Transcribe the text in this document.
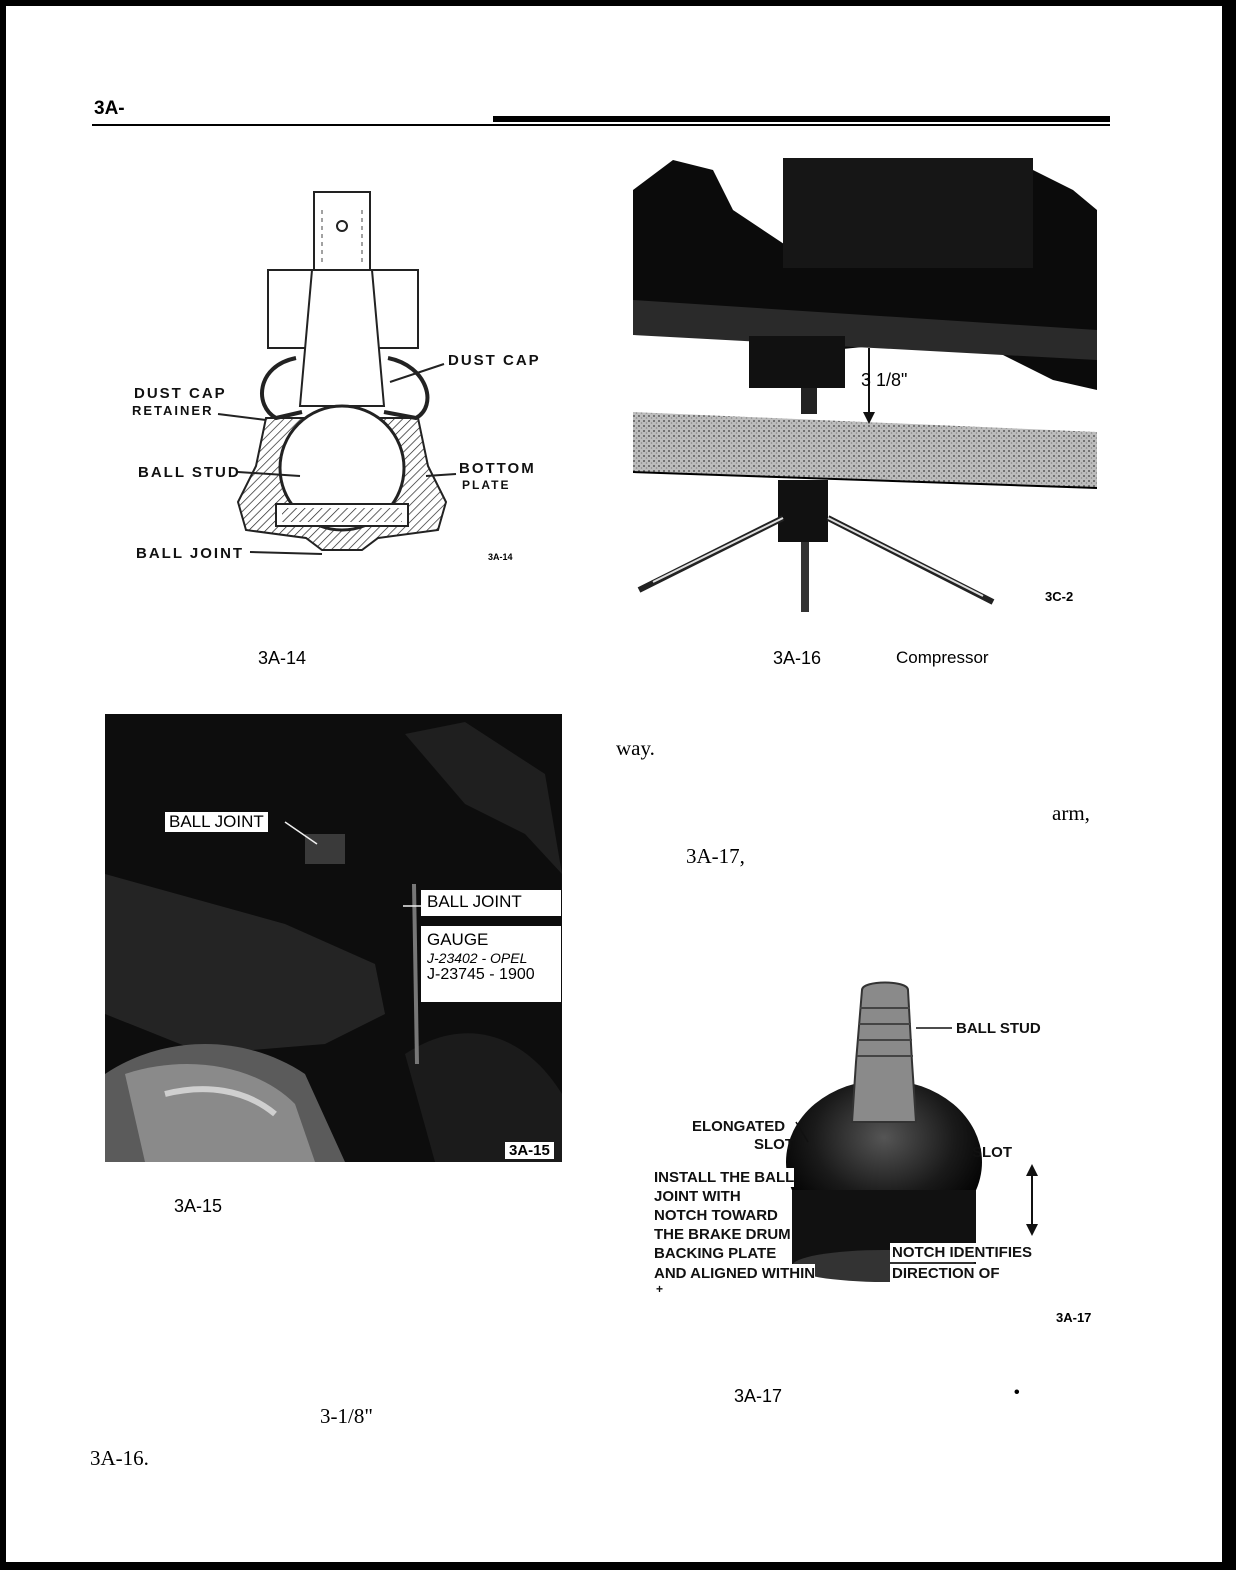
3A-
DUST CAP
DUST CAP
RETAINER
BALL STUD	BOTTOM
PLATE
BALL JOINT	3A-14
3A-14
3 1/8"
3C-2
3A-16	Compressor
BALL JOINT
BALL JOINT
GAUGE
J-23402 - OPEL
J-23745 - 1900
3A-15
3A-15
way.
arm,
3A-17,
BALL STUD
ELONGATED
SLOT	SLOT
INSTALL THE BALL
JOINT WITH
NOTCH TOWARD
THE BRAKE DRUM
BACKING PLATE
AND ALIGNED WITHIN
+
NOTCH IDENTIFIES
DIRECTION OF
3A-17
3A-17	•
3-1/8"
3A-16.
